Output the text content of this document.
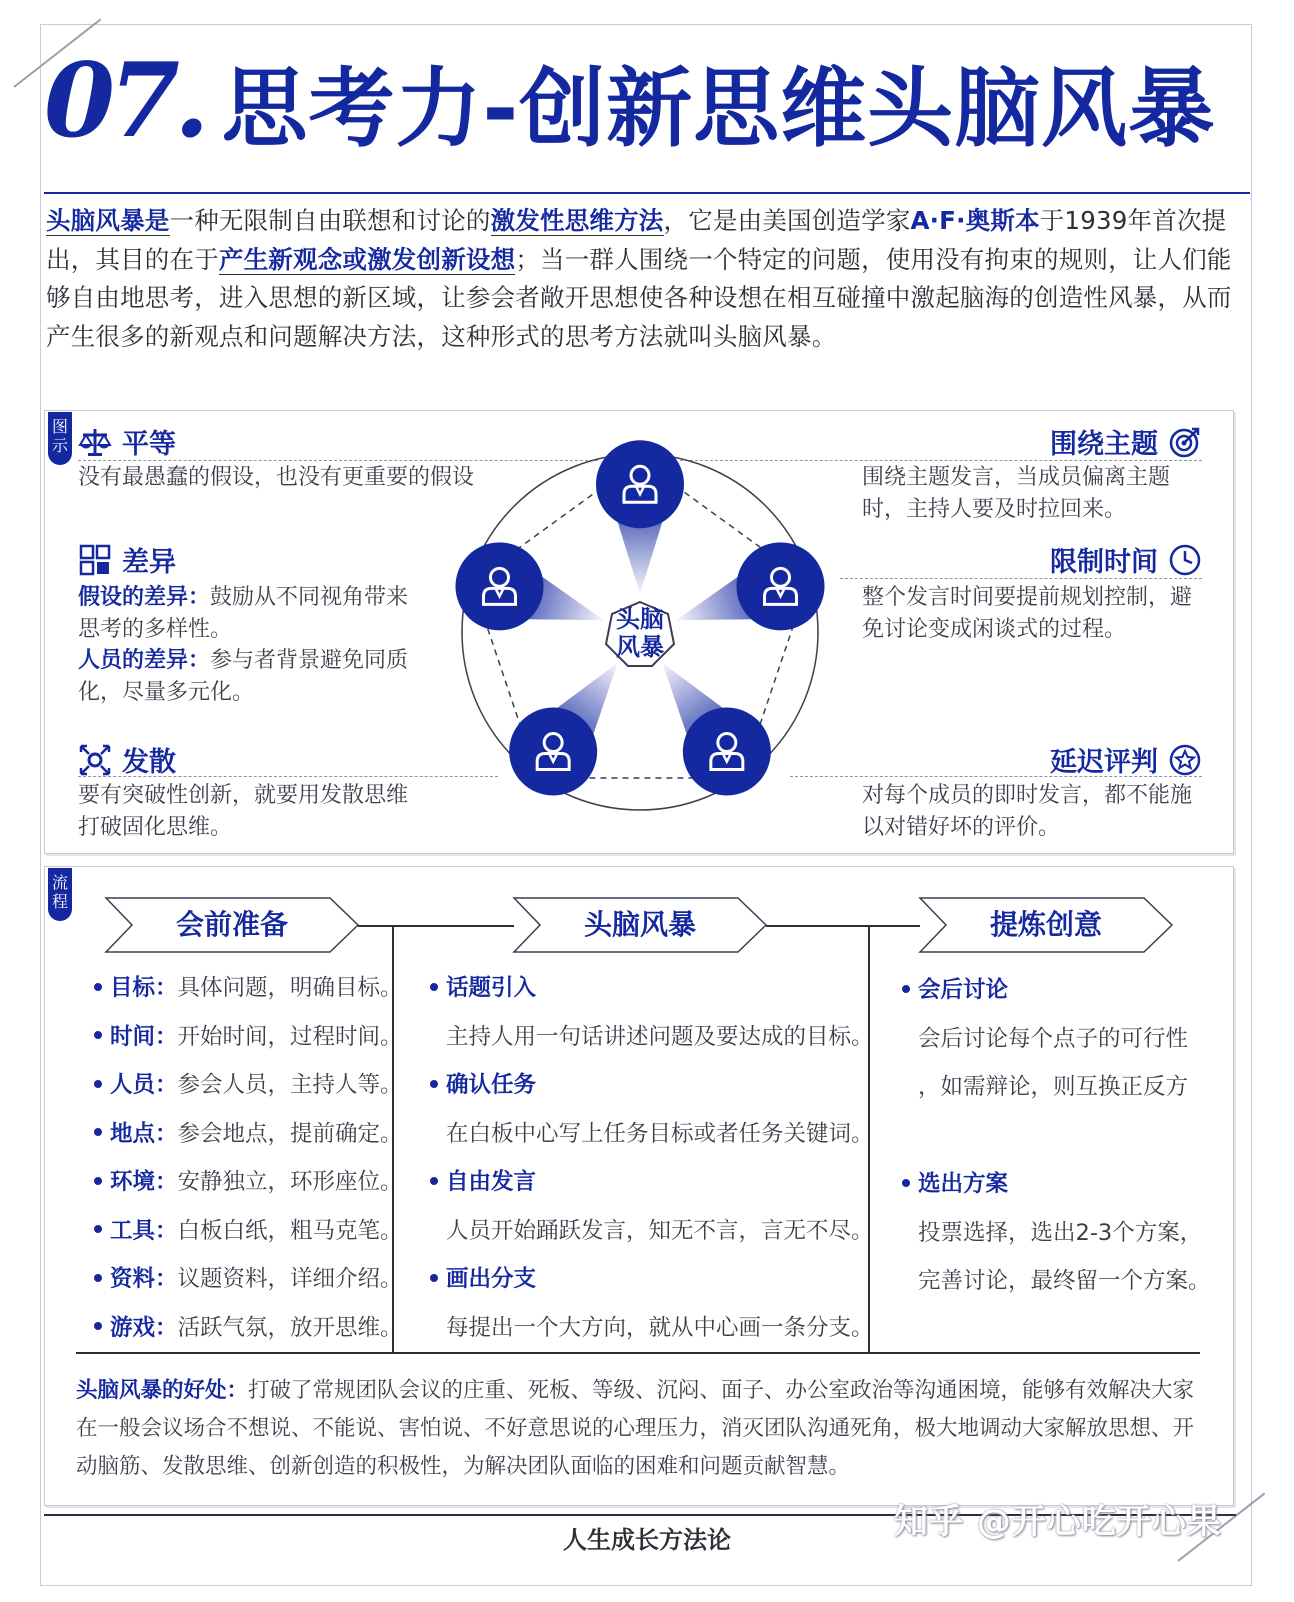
07. 思考力-创新思维头脑风暴
头脑风暴是一种无限制自由联想和讨论的激发性思维方法，它是由美国创造学家A·F·奥斯本于1939年首次提出，其目的在于产生新观念或激发创新设想；当一群人围绕一个特定的问题，使用没有拘束的规则，让人们能够自由地思考，进入思想的新区域，让参会者敞开思想使各种设想在相互碰撞中激起脑海的创造性风暴，从而产生很多的新观点和问题解决方法，这种形式的思考方法就叫头脑风暴。
图
示 平等
没有最愚蠢的假设，也没有更重要的假设
差异
假设的差异：鼓励从不同视角带来思考的多样性。
人员的差异：参与者背景避免同质化，尽量多元化。
发散
要有突破性创新，就要用发散思维打破固化思维。
围绕主题
围绕主题发言，当成员偏离主题时，主持人要及时拉回来。
限制时间
整个发言时间要提前规划控制，避免讨论变成闲谈式的过程。
延迟评判
对每个成员的即时发言，都不能施以对错好坏的评价。
头脑
风暴
流
程
会前准备	头脑风暴	提炼创意
目标：具体问题，明确目标。
时间：开始时间，过程时间。
人员：参会人员，主持人等。
地点：参会地点，提前确定。
环境：安静独立，环形座位。
工具：白板白纸，粗马克笔。
资料：议题资料，详细介绍。
游戏：活跃气氛，放开思维。
话题引入
主持人用一句话讲述问题及要达成的目标。
确认任务
在白板中心写上任务目标或者任务关键词。
自由发言
人员开始踊跃发言，知无不言，言无不尽。
画出分支
每提出一个大方向，就从中心画一条分支。
会后讨论
会后讨论每个点子的可行性
，如需辩论，则互换正反方
选出方案
投票选择，选出2-3个方案，
完善讨论，最终留一个方案。
头脑风暴的好处：打破了常规团队会议的庄重、死板、等级、沉闷、面子、办公室政治等沟通困境，能够有效解决大家在一般会议场合不想说、不能说、害怕说、不好意思说的心理压力，消灭团队沟通死角，极大地调动大家解放思想、开动脑筋、发散思维、创新创造的积极性，为解决团队面临的困难和问题贡献智慧。
人生成长方法论	知乎 @开心吃开心果
